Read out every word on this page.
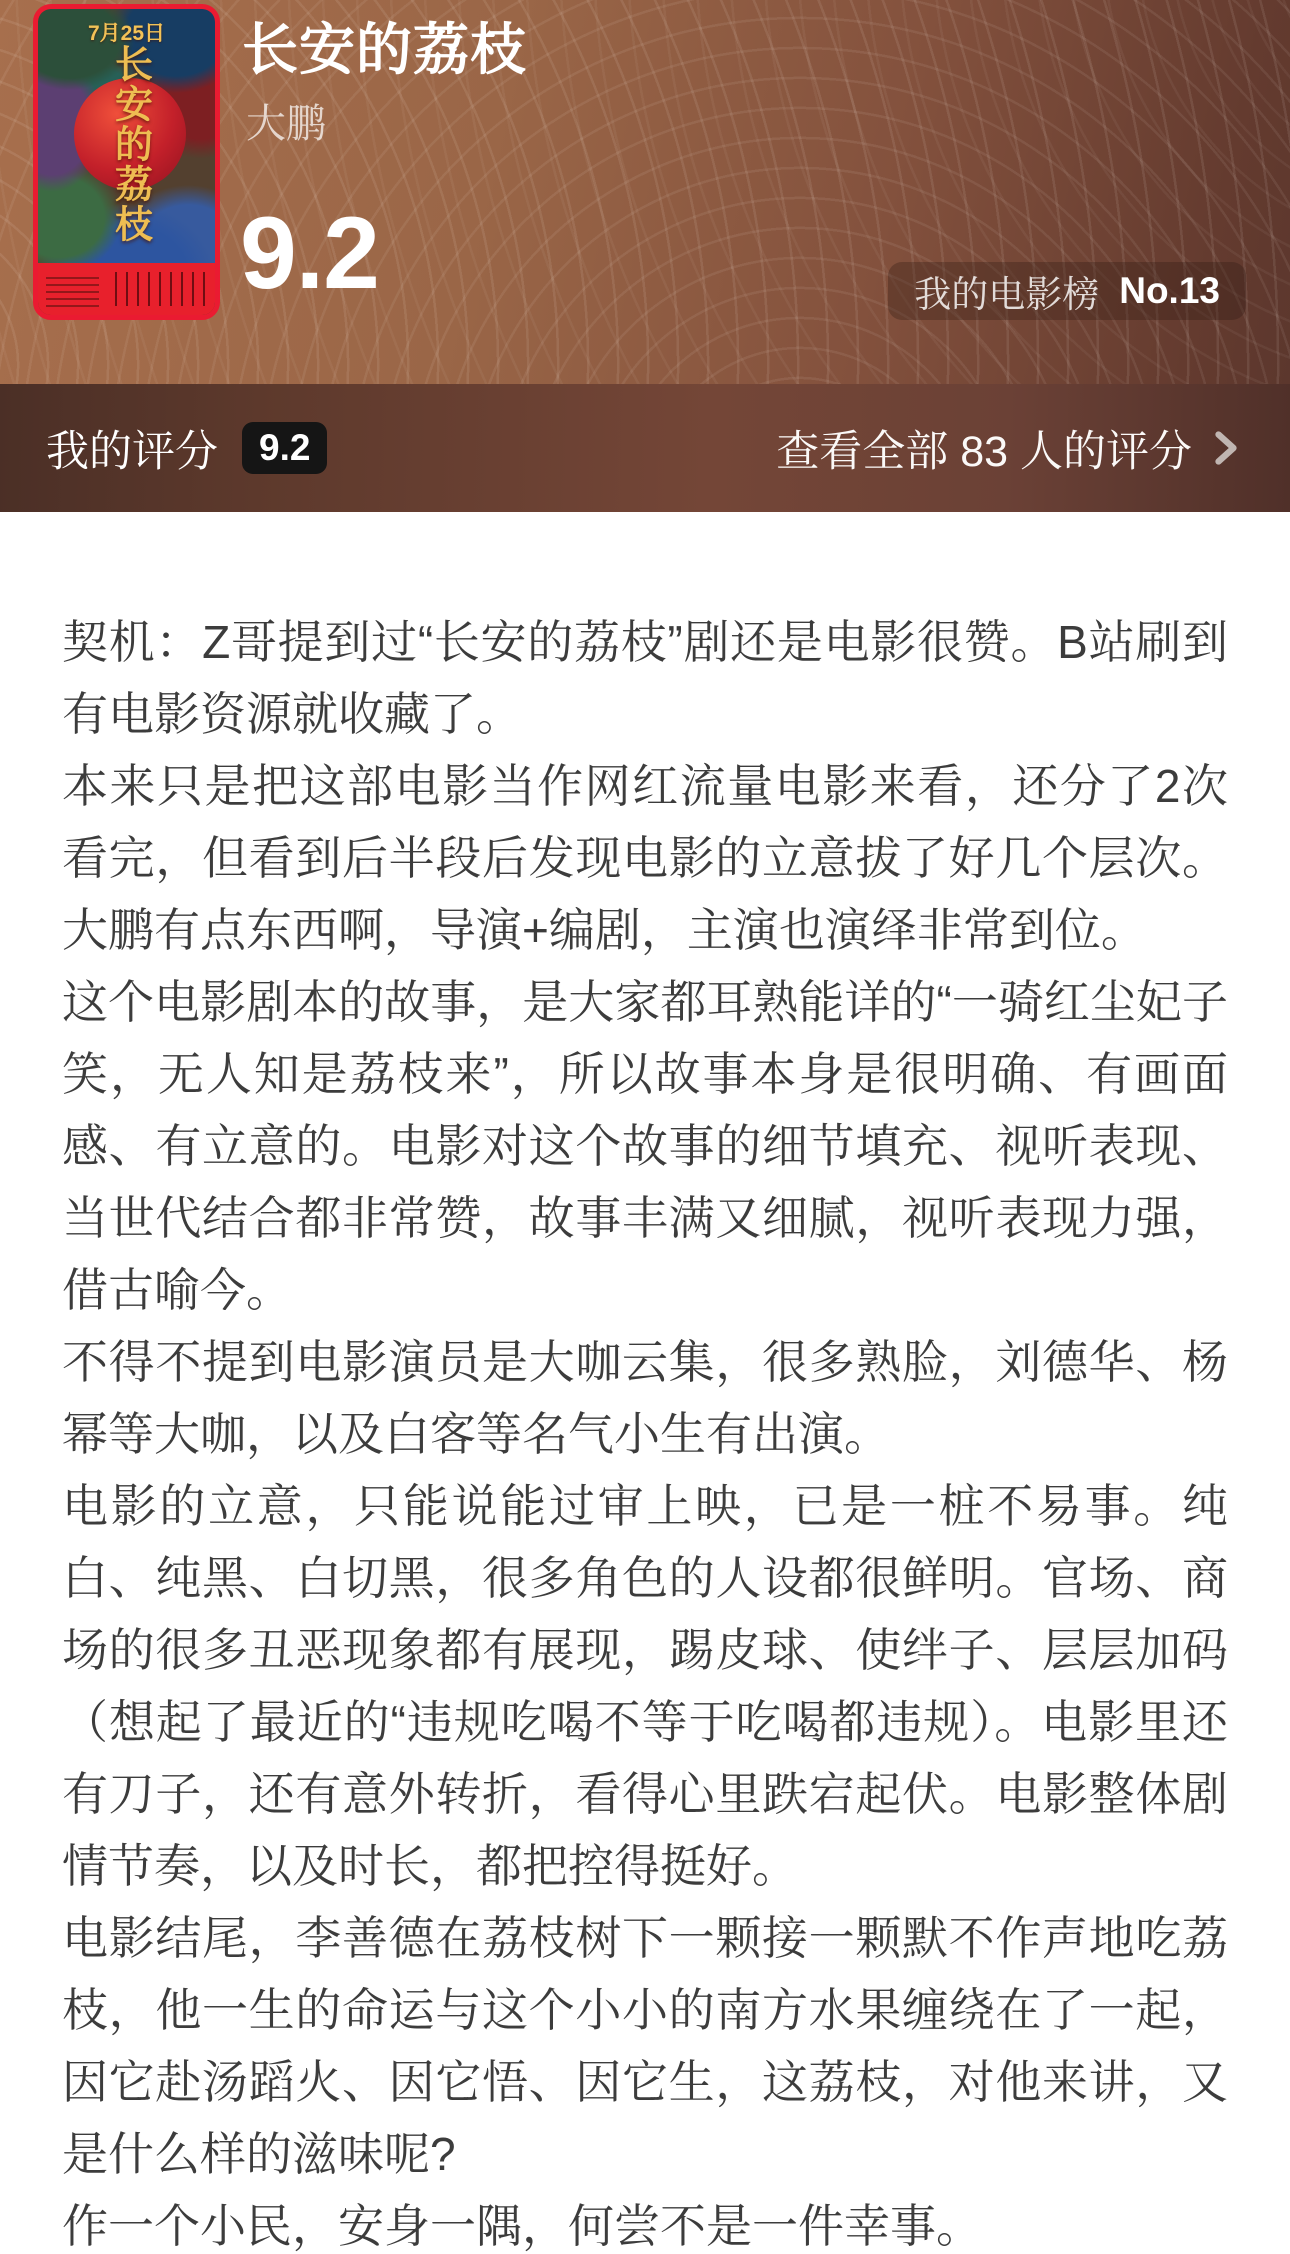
长安的荔枝
7月25日	长安的荔枝
大鹏
9.2	我的电影榜 No.13
我的评分	9.2	查看全部 83 人的评分

契机：Z哥提到过“长安的荔枝”剧还是电影很赞。B站刷到有电影资源就收藏了。

本来只是把这部电影当作网红流量电影来看，还分了2次看完，但看到后半段后发现电影的立意拔了好几个层次。大鹏有点东西啊，导演+编剧，主演也演绎非常到位。

这个电影剧本的故事，是大家都耳熟能详的“一骑红尘妃子笑，无人知是荔枝来”，所以故事本身是很明确、有画面感、有立意的。电影对这个故事的细节填充、视听表现、当世代结合都非常赞，故事丰满又细腻，视听表现力强，借古喻今。

不得不提到电影演员是大咖云集，很多熟脸，刘德华、杨幂等大咖，以及白客等名气小生有出演。

电影的立意，只能说能过审上映，已是一桩不易事。纯白、纯黑、白切黑，很多角色的人设都很鲜明。官场、商场的很多丑恶现象都有展现，踢皮球、使绊子、层层加码（想起了最近的“违规吃喝不等于吃喝都违规）。电影里还有刀子，还有意外转折，看得心里跌宕起伏。电影整体剧情节奏，以及时长，都把控得挺好。

电影结尾，李善德在荔枝树下一颗接一颗默不作声地吃荔枝，他一生的命运与这个小小的南方水果缠绕在了一起，因它赴汤蹈火、因它悟、因它生，这荔枝，对他来讲，又是什么样的滋味呢?

作一个小民，安身一隅，何尝不是一件幸事。
